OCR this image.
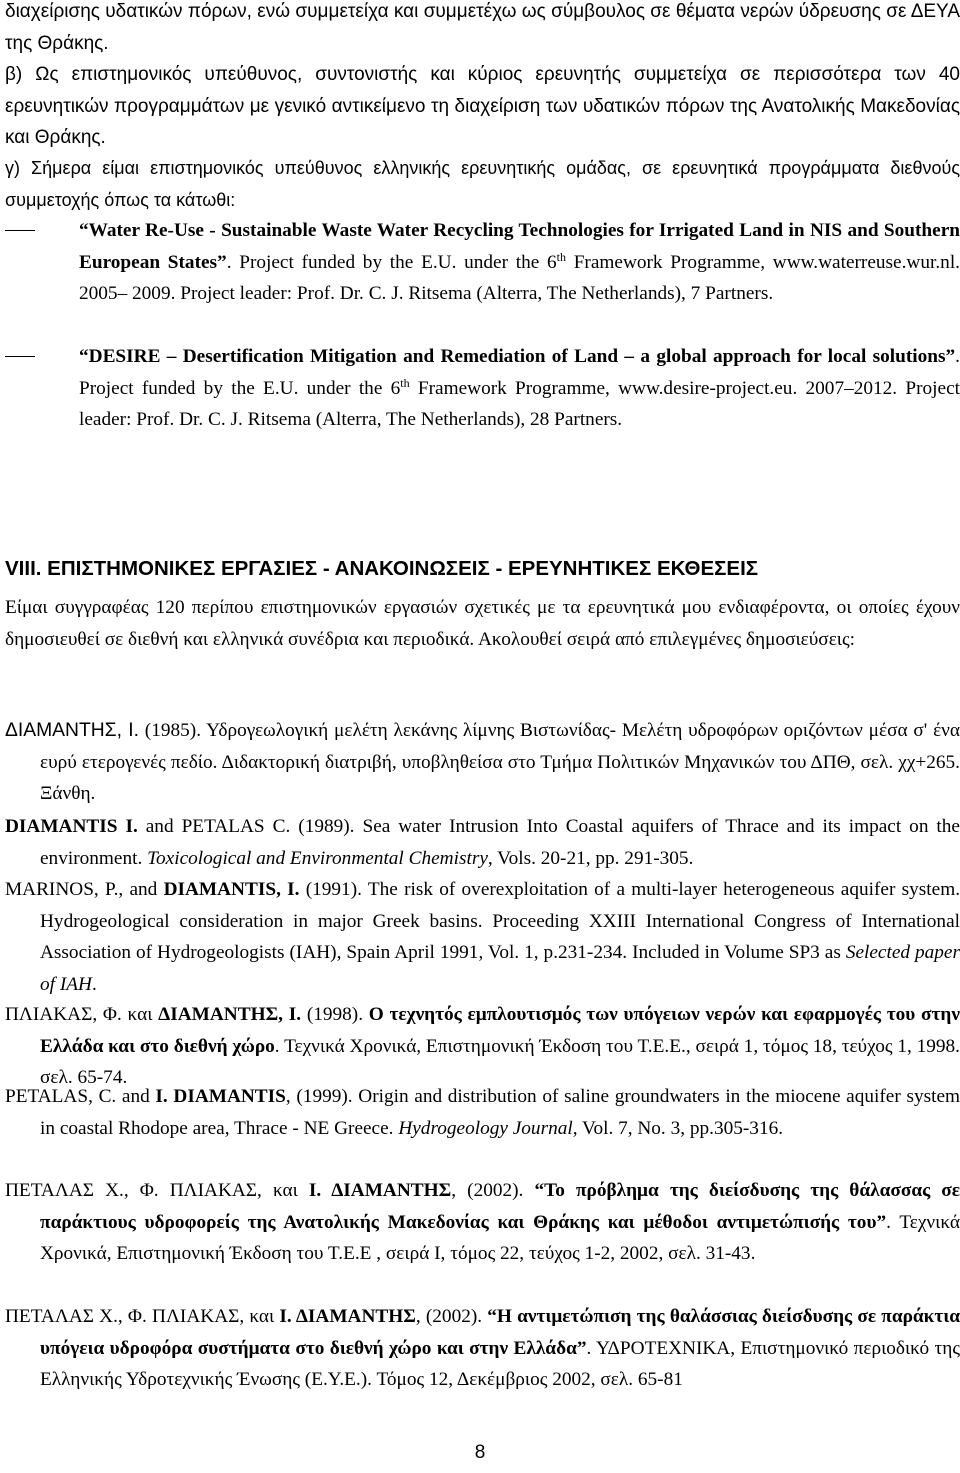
διαχείρισης υδατικών πόρων, ενώ συμμετείχα και συμμετέχω ως σύμβουλος σε θέματα νερών ύδρευσης σε ΔΕΥΑ της Θράκης.

β) Ως επιστημονικός υπεύθυνος, συντονιστής και κύριος ερευνητής συμμετείχα σε περισσότερα των 40 ερευνητικών προγραμμάτων με γενικό αντικείμενο τη διαχείριση των υδατικών πόρων της Ανατολικής Μακεδονίας και Θράκης.

γ) Σήμερα είμαι επιστημονικός υπεύθυνος ελληνικής ερευνητικής ομάδας, σε ερευνητικά προγράμματα διεθνούς συμμετοχής όπως τα κάτωθι:

“Water Re-Use - Sustainable Waste Water Recycling Technologies for Irrigated Land in NIS and Southern European States”. Project funded by the E.U. under the 6th Framework Programme, www.waterreuse.wur.nl. 2005– 2009. Project leader: Prof. Dr. C. J. Ritsema (Alterra, The Netherlands), 7 Partners.
“DESIRE – Desertification Mitigation and Remediation of Land – a global approach for local solutions”. Project funded by the E.U. under the 6th Framework Programme, www.desire-project.eu. 2007–2012. Project leader: Prof. Dr. C. J. Ritsema (Alterra, The Netherlands), 28 Partners.

VIII. ΕΠΙΣΤΗΜΟΝΙΚΕΣ ΕΡΓΑΣΙΕΣ - ΑΝΑΚΟΙΝΩΣΕΙΣ - ΕΡΕΥΝΗΤΙΚΕΣ ΕΚΘΕΣΕΙΣ

Είμαι συγγραφέας 120 περίπου επιστημονικών εργασιών σχετικές με τα ερευνητικά μου ενδιαφέροντα, οι οποίες έχουν δημοσιευθεί σε διεθνή και ελληνικά συνέδρια και περιοδικά. Ακολουθεί σειρά από επιλεγμένες δημοσιεύσεις:

ΔΙΑΜΑΝΤΗΣ, Ι. (1985). Υδρογεωλογική μελέτη λεκάνης λίμνης Βιστωνίδας- Μελέτη υδροφόρων οριζόντων μέσα σ' ένα ευρύ ετερογενές πεδίο. Διδακτορική διατριβή, υποβληθείσα στο Τμήμα Πολιτικών Μηχανικών του ΔΠΘ, σελ. χχ+265. Ξάνθη.

DIAMANTIS I. and PETALAS C. (1989). Sea water Intrusion Into Coastal aquifers of Thrace and its impact on the environment. Toxicological and Environmental Chemistry, Vols. 20-21, pp. 291-305.

MARINOS, P., and DIAMANTIS, I. (1991). The risk of overexploitation of a multi-layer heterogeneous aquifer system. Hydrogeological consideration in major Greek basins. Proceeding XXIII International Congress of International Association of Hydrogeologists (IAH), Spain April 1991, Vol. 1, p.231-234. Included in Volume SP3 as Selected paper of IAH.

ΠΛΙΑΚΑΣ, Φ. και ΔΙΑΜΑΝΤΗΣ, Ι. (1998). Ο τεχνητός εμπλουτισμός των υπόγειων νερών και εφαρμογές του στην Ελλάδα και στο διεθνή χώρο. Τεχνικά Χρονικά, Επιστημονική Έκδοση του Τ.Ε.Ε., σειρά 1, τόμος 18, τεύχος 1, 1998. σελ. 65-74.

PETALAS, C. and I. DIAMANTIS, (1999). Origin and distribution of saline groundwaters in the miocene aquifer system in coastal Rhodope area, Thrace - NE Greece. Hydrogeology Journal, Vol. 7, No. 3, pp.305-316.

ΠΕΤΑΛΑΣ Χ., Φ. ΠΛΙΑΚΑΣ, και Ι. ΔΙΑΜΑΝΤΗΣ, (2002). “Το πρόβλημα της διείσδυσης της θάλασσας σε παράκτιους υδροφορείς της Ανατολικής Μακεδονίας και Θράκης και μέθοδοι αντιμετώπισής του”. Τεχνικά Χρονικά, Επιστημονική Έκδοση του Τ.Ε.Ε , σειρά Ι, τόμος 22, τεύχος 1-2, 2002, σελ. 31-43.

ΠΕΤΑΛΑΣ Χ., Φ. ΠΛΙΑΚΑΣ, και Ι. ΔΙΑΜΑΝΤΗΣ, (2002). “Η αντιμετώπιση της θαλάσσιας διείσδυσης σε παράκτια υπόγεια υδροφόρα συστήματα στο διεθνή χώρο και στην Ελλάδα”. ΥΔΡΟΤΕΧΝΙΚΑ, Επιστημονικό περιοδικό της Ελληνικής Υδροτεχνικής Ένωσης (Ε.Υ.Ε.). Τόμος 12, Δεκέμβριος 2002, σελ. 65-81

8
